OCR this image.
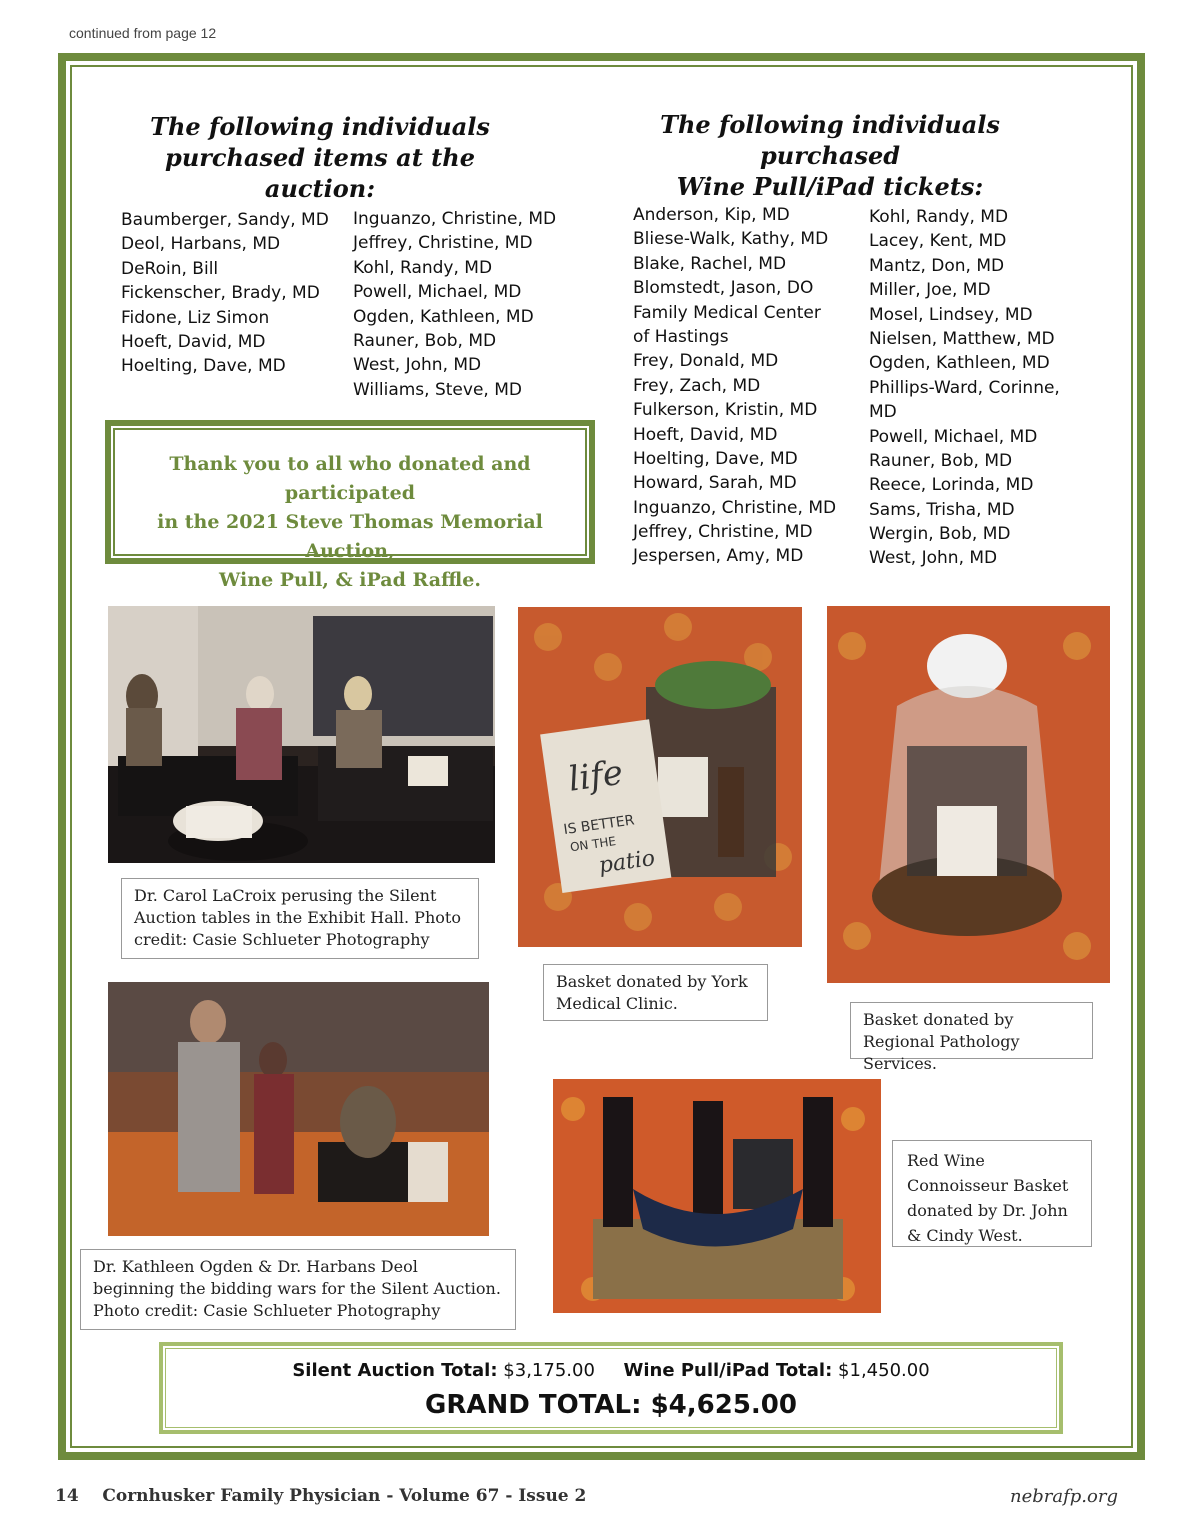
continued from page 12
The following individuals
purchased items at the auction:
The following individuals purchased
Wine Pull/iPad tickets:
Baumberger, Sandy, MD
Deol, Harbans, MD
DeRoin, Bill
Fickenscher, Brady, MD
Fidone, Liz Simon
Hoeft, David, MD
Hoelting, Dave, MD
Inguanzo, Christine, MD
Jeffrey, Christine, MD
Kohl, Randy, MD
Powell, Michael, MD
Ogden, Kathleen, MD
Rauner, Bob, MD
West, John, MD
Williams, Steve, MD
Anderson, Kip, MD
Bliese-Walk, Kathy, MD
Blake, Rachel, MD
Blomstedt, Jason, DO
Family Medical Center
of Hastings
Frey, Donald, MD
Frey, Zach, MD
Fulkerson, Kristin, MD
Hoeft, David, MD
Hoelting, Dave, MD
Howard, Sarah, MD
Inguanzo, Christine, MD
Jeffrey, Christine, MD
Jespersen, Amy, MD
Kohl, Randy, MD
Lacey, Kent, MD
Mantz, Don, MD
Miller, Joe, MD
Mosel, Lindsey, MD
Nielsen, Matthew, MD
Ogden, Kathleen, MD
Phillips-Ward, Corinne,
MD
Powell, Michael, MD
Rauner, Bob, MD
Reece, Lorinda, MD
Sams, Trisha, MD
Wergin, Bob, MD
West, John, MD
Thank you to all who donated and participated
in the 2021 Steve Thomas Memorial Auction,
Wine Pull, & iPad Raffle.
Dr. Carol LaCroix perusing the Silent Auction tables in the Exhibit Hall. Photo credit: Casie Schlueter Photography
life
IS BETTER
ON THE
patio
Basket donated by York Medical Clinic.
Basket donated by Regional Pathology Services.
Dr. Kathleen Ogden & Dr. Harbans Deol beginning the bidding wars for the Silent Auction. Photo credit: Casie Schlueter Photography
Red Wine Connoisseur Basket donated by Dr. John & Cindy West.
Silent Auction Total: $3,175.00 Wine Pull/iPad Total: $1,450.00
GRAND TOTAL: $4,625.00
14 Cornhusker Family Physician - Volume 67 - Issue 2	nebrafp.org
